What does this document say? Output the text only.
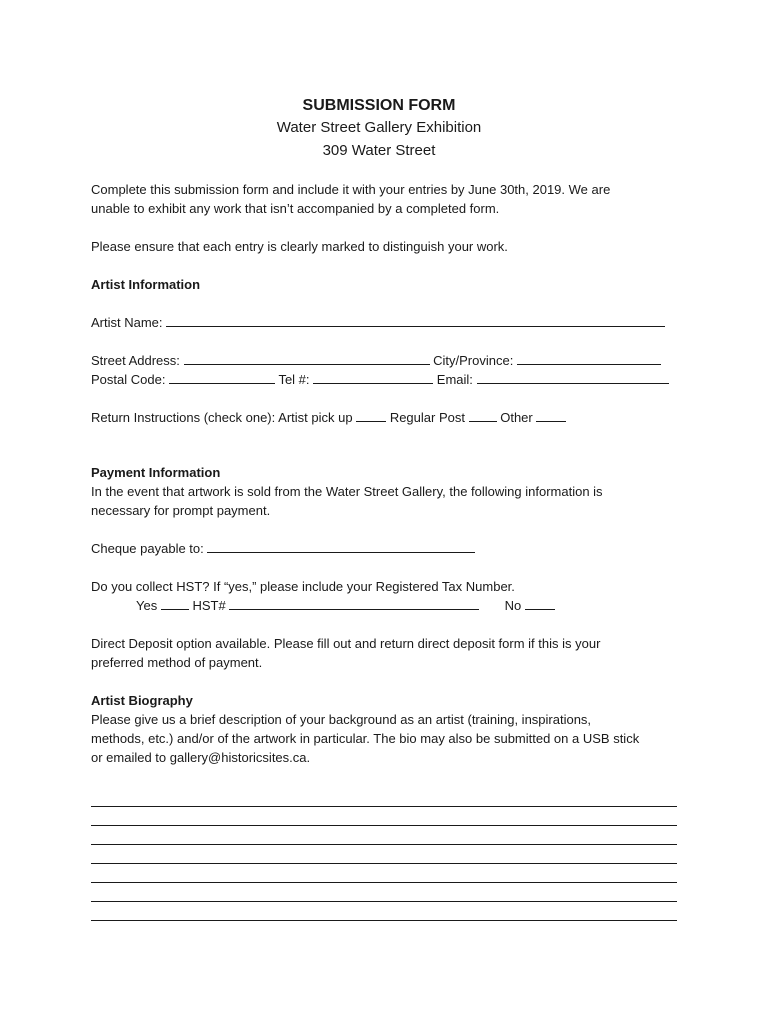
SUBMISSION FORM

Water Street Gallery Exhibition

309 Water Street

Complete this submission form and include it with your entries by June 30th, 2019. We are

unable to exhibit any work that isn’t accompanied by a completed form.

Please ensure that each entry is clearly marked to distinguish your work.

Artist Information

Artist Name:
Street Address:	City/Province:
Postal Code:	Tel #:	Email:
Return Instructions (check one): Artist pick up	Regular Post	Other

Payment Information

In the event that artwork is sold from the Water Street Gallery, the following information is

necessary for prompt payment.

Cheque payable to:

Do you collect HST? If “yes,” please include your Registered Tax Number.

Yes	HST#	No

Direct Deposit option available. Please fill out and return direct deposit form if this is your

preferred method of payment.

Artist Biography

Please give us a brief description of your background as an artist (training, inspirations,

methods, etc.) and/or of the artwork in particular. The bio may also be submitted on a USB stick

or emailed to gallery@historicsites.ca.
